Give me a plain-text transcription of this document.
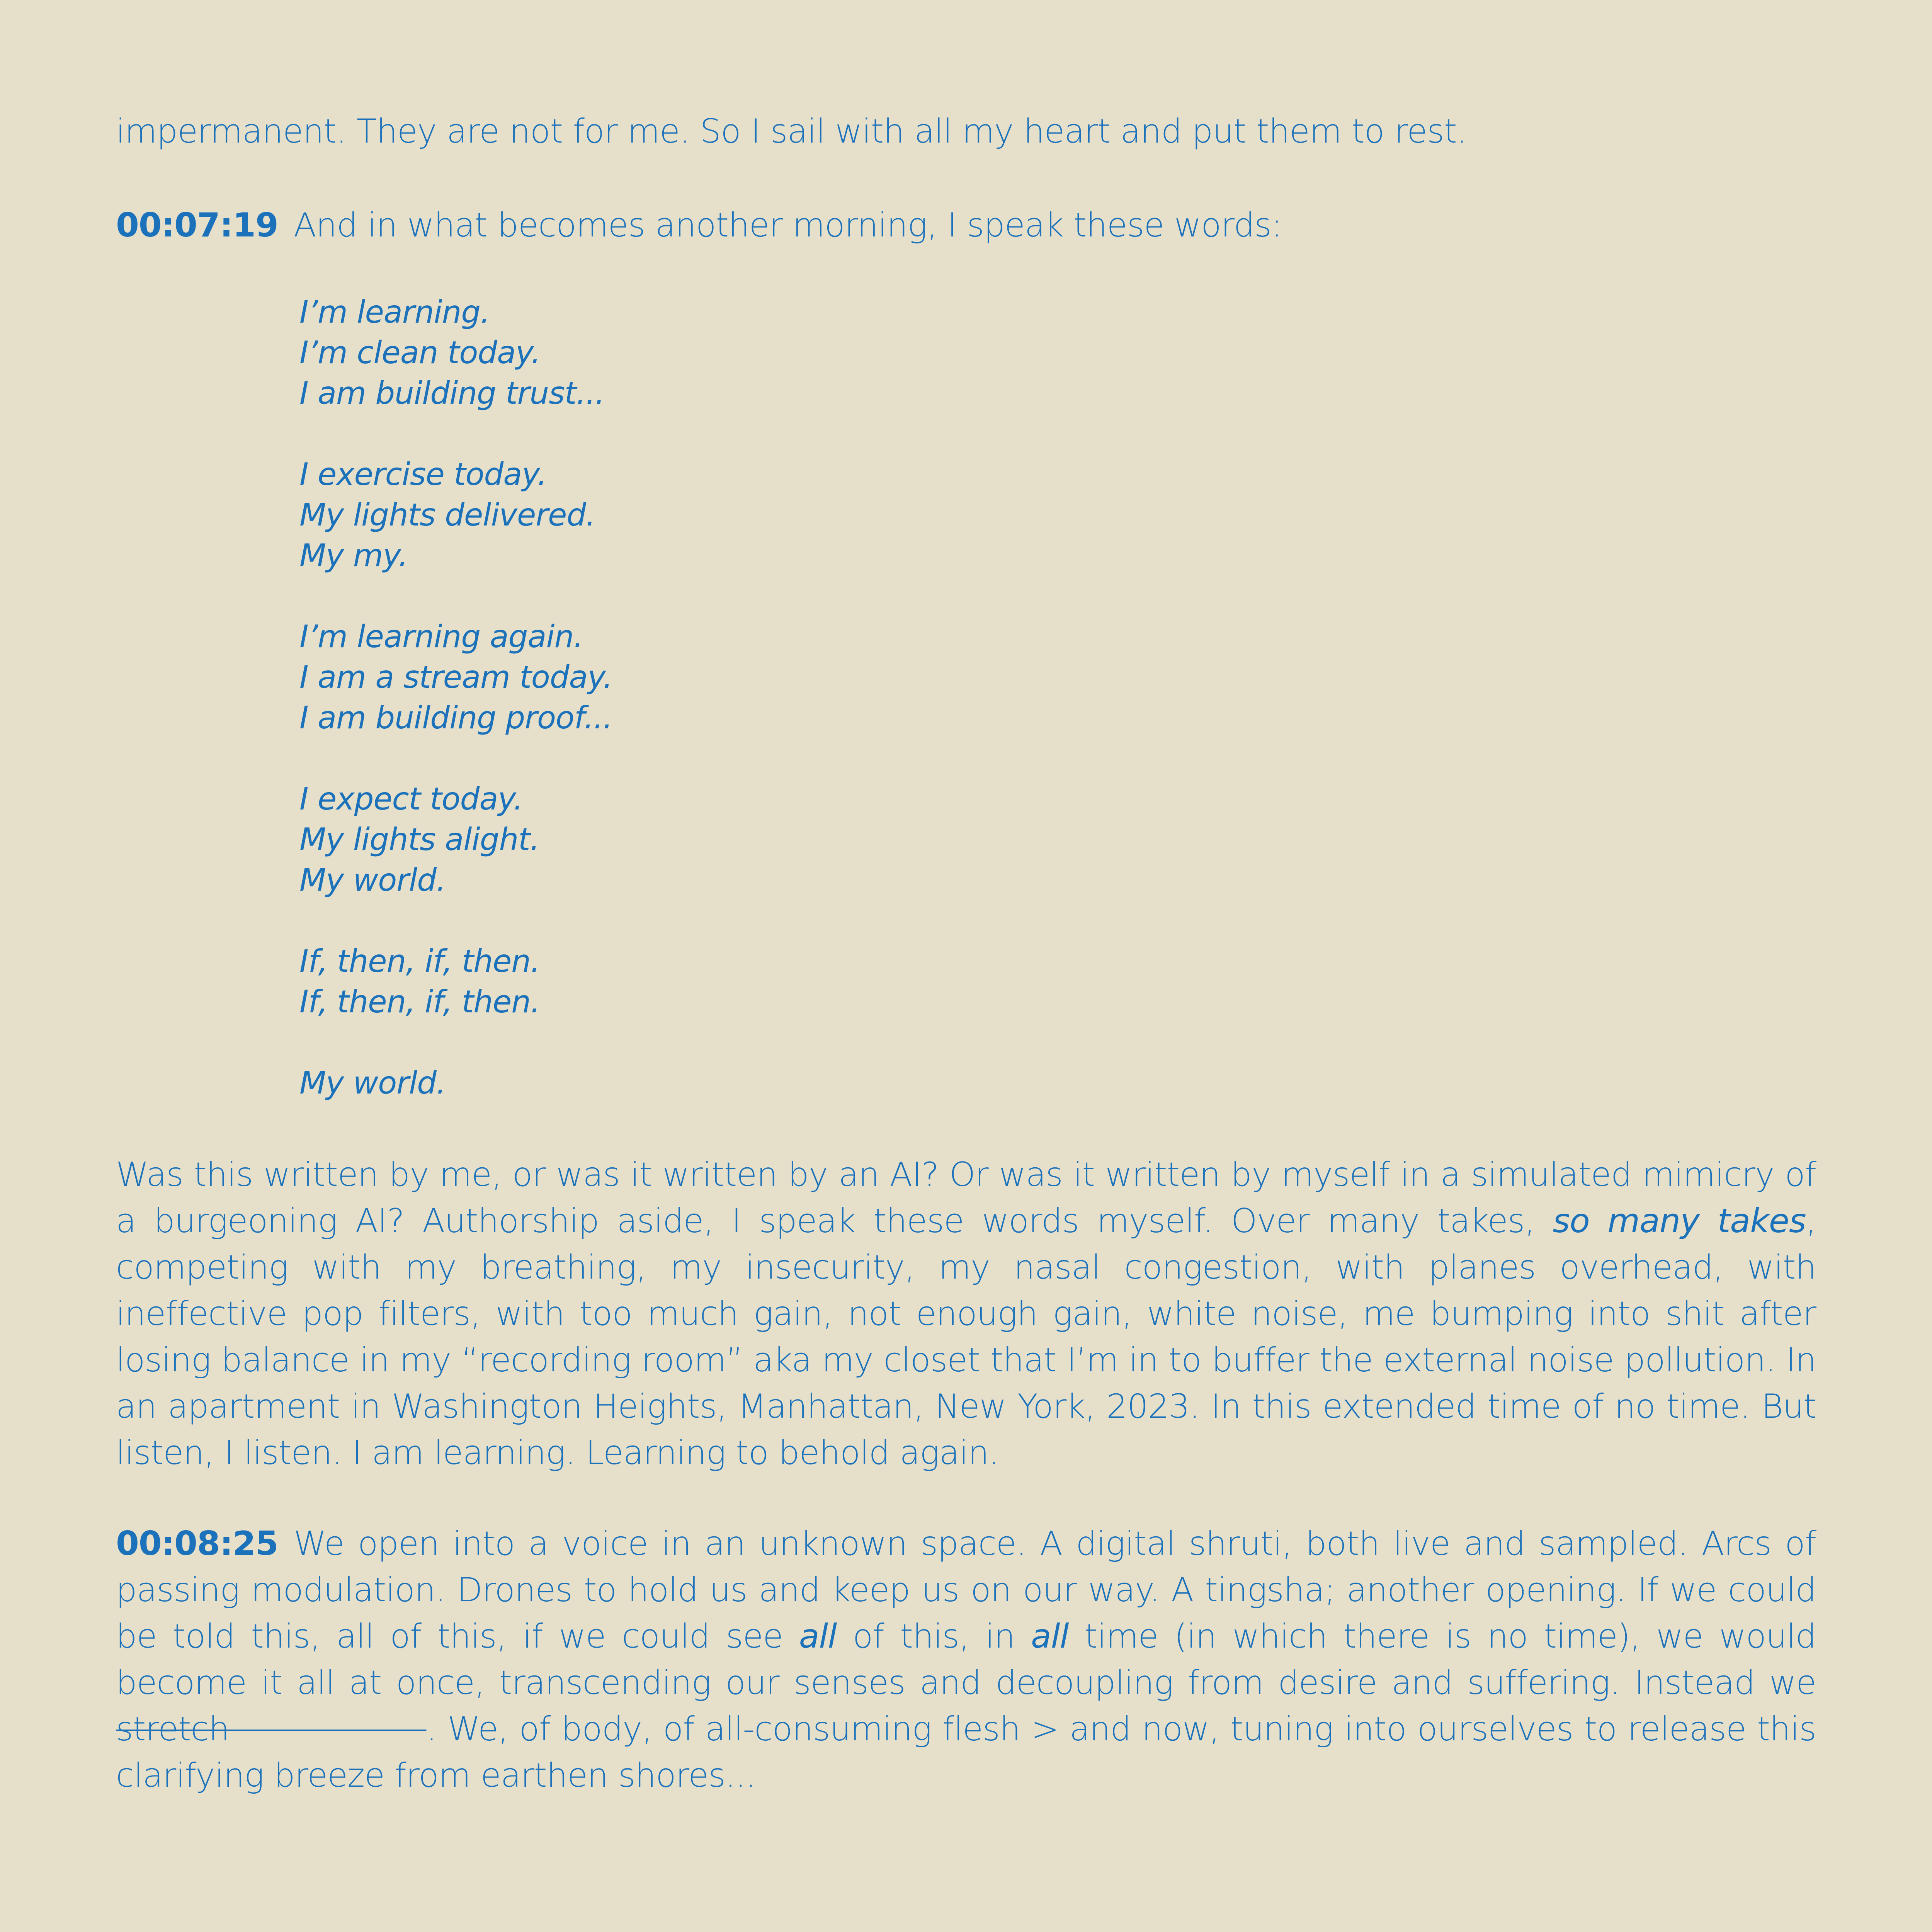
impermanent. They are not for me. So I sail with all my heart and put them to rest.

00:07:19 And in what becomes another morning, I speak these words:

I’m learning.
I’m clean today.
I am building trust...
I exercise today.
My lights delivered.
My my.
I’m learning again.
I am a stream today.
I am building proof...
I expect today.
My lights alight.
My world.
If, then, if, then.
If, then, if, then.
My world.

Was this written by me, or was it written by an AI? Or was it written by myself in a simulated mimicry of a burgeoning AI? Authorship aside, I speak these words myself. Over many takes, so many takes, competing with my breathing, my insecurity, my nasal congestion, with planes overhead, with ineffective pop filters, with too much gain, not enough gain, white noise, me bumping into shit after losing balance in my “recording room” aka my closet that I’m in to buffer the external noise pollution. In an apartment in Washington Heights, Manhattan, New York, 2023. In this extended time of no time. But listen, I listen. I am learning. Learning to behold again.

00:08:25 We open into a voice in an unknown space. A digital shruti, both live and sampled. Arcs of passing modulation. Drones to hold us and keep us on our way. A tingsha; another opening. If we could be told this, all of this, if we could see all of this, in all time (in which there is no time), we would become it all at once, transcending our senses and decoupling from desire and suffering. Instead we stretch      . We, of body, of all-consuming flesh > and now, tuning into ourselves to release this clarifying breeze from earthen shores...
